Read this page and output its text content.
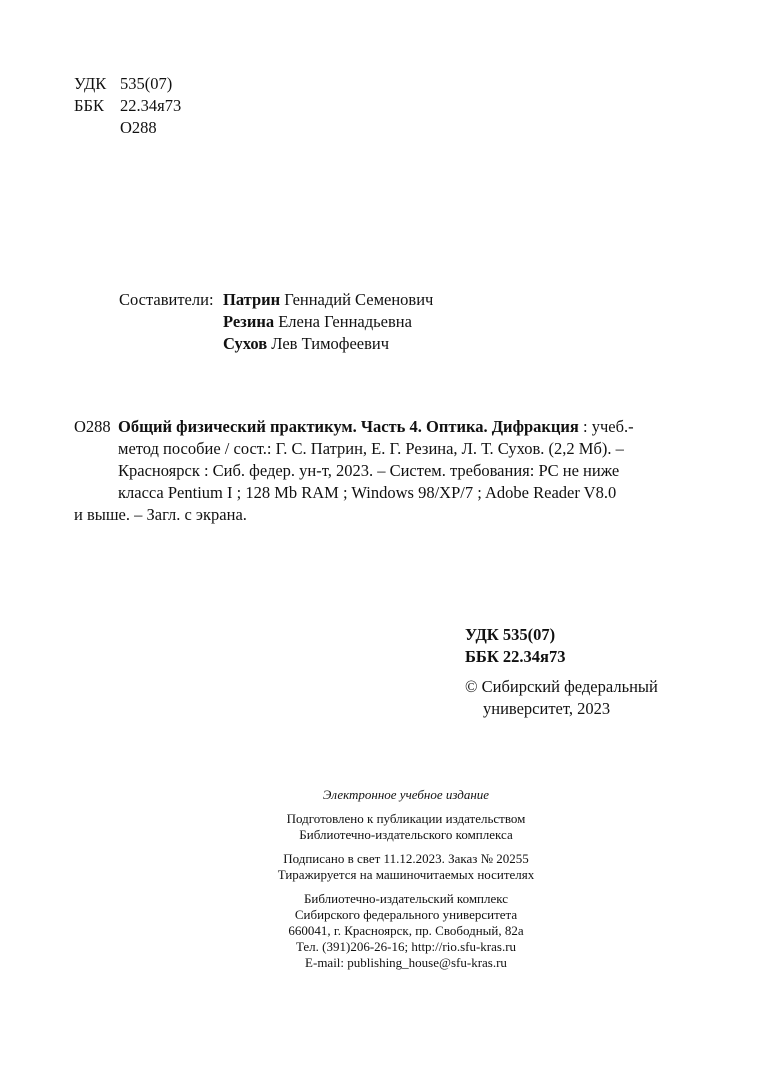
УДК 535(07)
ББК 22.34я73
О288
Составители: Патрин Геннадий Семенович
Резина Елена Геннадьевна
Сухов Лев Тимофеевич
О288 Общий физический практикум. Часть 4. Оптика. Дифракция : учеб.-
метод пособие / сост.: Г. С. Патрин, Е. Г. Резина, Л. Т. Сухов. (2,2 Мб). –
Красноярск : Сиб. федер. ун-т, 2023. – Систем. требования: PC не ниже
класса Pentium I ; 128 Mb RAM ; Windows 98/XP/7 ; Adobe Reader V8.0
и выше. – Загл. с экрана.
УДК 535(07)
ББК 22.34я73
© Сибирский федеральный
университет, 2023
Электронное учебное издание
Подготовлено к публикации издательством
Библиотечно-издательского комплекса
Подписано в свет 11.12.2023. Заказ № 20255
Тиражируется на машиночитаемых носителях
Библиотечно-издательский комплекс
Сибирского федерального университета
660041, г. Красноярск, пр. Свободный, 82а
Тел. (391)206-26-16; http://rio.sfu-kras.ru
E-mail: publishing_house@sfu-kras.ru
